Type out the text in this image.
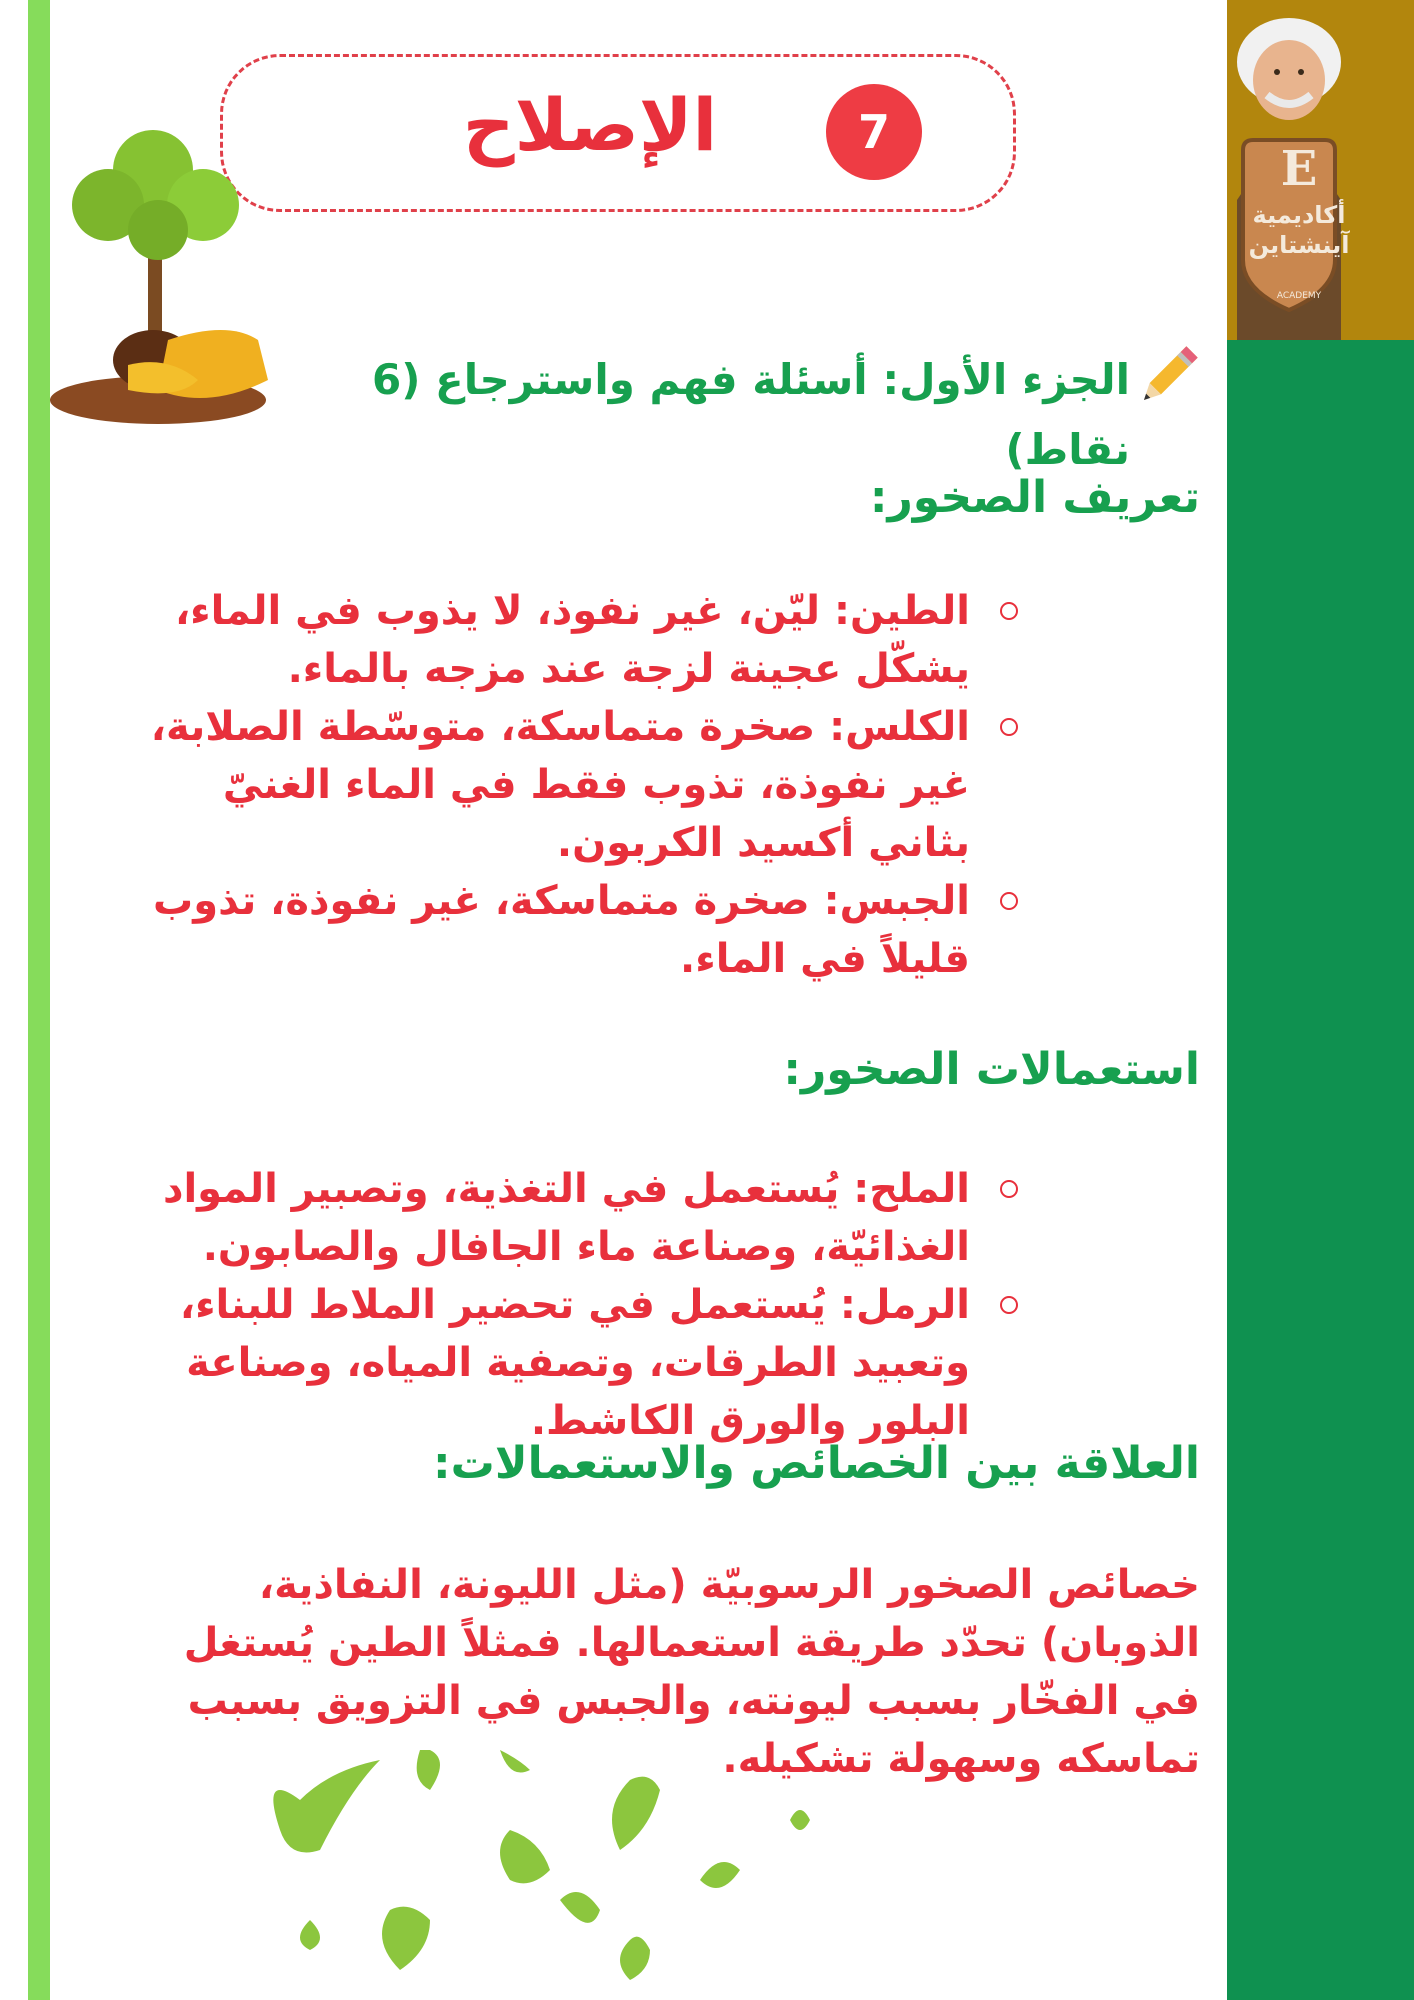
E
أكاديمية
آينشتاين
ACADEMY
الإصلاح	7
الجزء الأول: أسئلة فهم واسترجاع (6 نقاط)
تعريف الصخور:
الطين: ليّن، غير نفوذ، لا يذوب في الماء، يشكّل عجينة لزجة عند مزجه بالماء.
الكلس: صخرة متماسكة، متوسّطة الصلابة، غير نفوذة، تذوب فقط في الماء الغنيّ بثاني أكسيد الكربون.
الجبس: صخرة متماسكة، غير نفوذة، تذوب قليلاً في الماء.
استعمالات الصخور:
الملح: يُستعمل في التغذية، وتصبير المواد الغذائيّة، وصناعة ماء الجافال والصابون.
الرمل: يُستعمل في تحضير الملاط للبناء، وتعبيد الطرقات، وتصفية المياه، وصناعة البلور والورق الكاشط.
العلاقة بين الخصائص والاستعمالات:
خصائص الصخور الرسوبيّة (مثل الليونة، النفاذية، الذوبان) تحدّد طريقة استعمالها. فمثلاً الطين يُستغل في الفخّار بسبب ليونته، والجبس في التزويق بسبب تماسكه وسهولة تشكيله.
